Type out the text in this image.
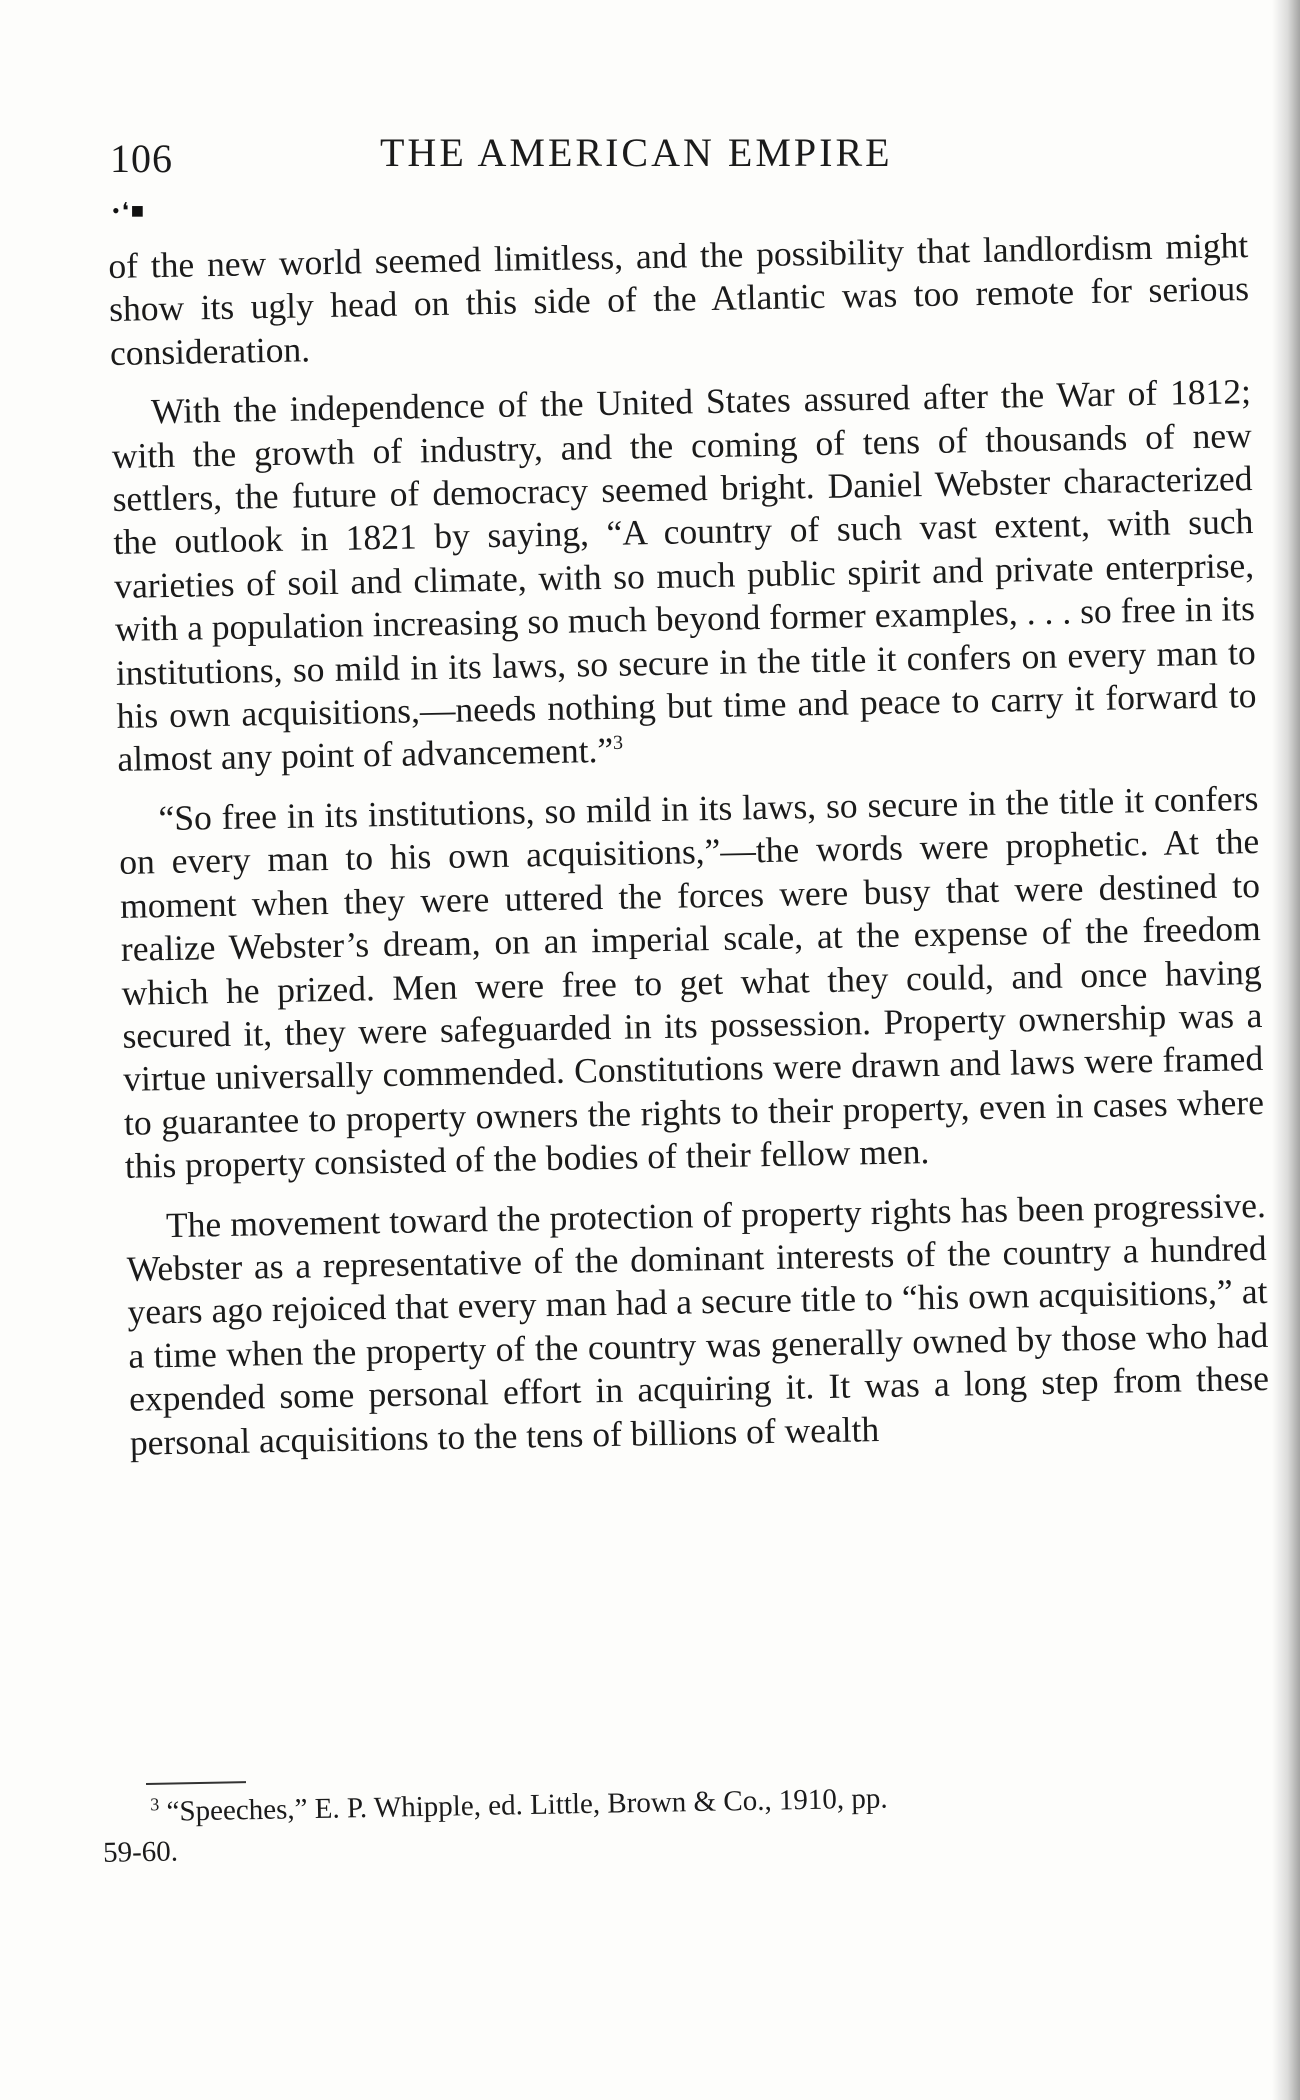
106	THE AMERICAN EMPIRE
•❛■

of the new world seemed limitless, and the possibility that landlordism might show its ugly head on this side of the Atlantic was too remote for serious consideration.

With the independence of the United States assured after the War of 1812; with the growth of industry, and the coming of tens of thousands of new settlers, the future of democracy seemed bright. Daniel Webster characterized the outlook in 1821 by saying, “A country of such vast extent, with such varieties of soil and climate, with so much public spirit and private enterprise, with a population increasing so much beyond former examples, . . . so free in its institutions, so mild in its laws, so secure in the title it confers on every man to his own acquisitions,—needs nothing but time and peace to carry it forward to almost any point of advancement.”$^3$

“So free in its institutions, so mild in its laws, so secure in the title it confers on every man to his own acquisitions,”—the words were prophetic. At the moment when they were uttered the forces were busy that were destined to realize Webster’s dream, on an imperial scale, at the expense of the freedom which he prized. Men were free to get what they could, and once having secured it, they were safeguarded in its possession. Property ownership was a virtue universally commended. Constitutions were drawn and laws were framed to guarantee to property owners the rights to their property, even in cases where this property consisted of the bodies of their fellow men.

The movement toward the protection of property rights has been progressive. Webster as a representative of the dominant interests of the country a hundred years ago rejoiced that every man had a secure title to “his own acquisitions,” at a time when the property of the country was generally owned by those who had expended some personal effort in acquiring it. It was a long step from these personal acquisitions to the tens of billions of wealth

$^3$ “Speeches,” E. P. Whipple, ed. Little, Brown & Co., 1910, pp.
59-60.
